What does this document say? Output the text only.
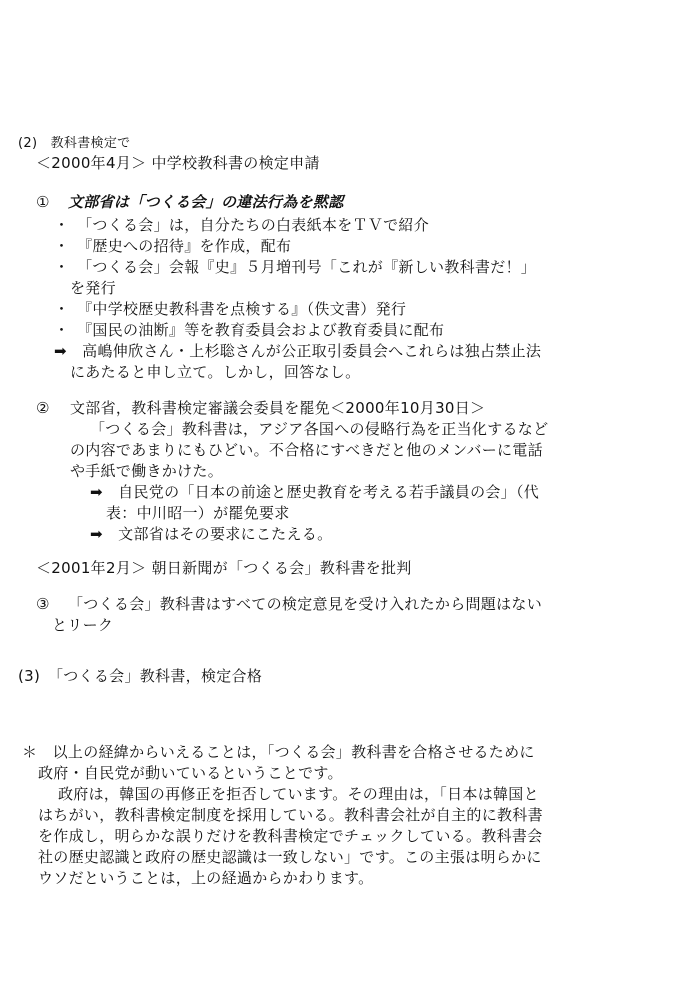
(2)　教科書検定で
＜2000年4月＞ 中学校教科書の検定申請
① 文部省は「つくる会」の違法行為を黙認
・　「つくる会」は，自分たちの白表紙本をＴＶで紹介
・　『歴史への招待』を作成，配布
・　「つくる会」会報『史』５月増刊号「これが『新しい教科書だ！」
を発行
・　『中学校歴史教科書を点検する』（佚文書）発行
・　『国民の油断』等を教育委員会および教育委員に配布
➡　高嶋伸欣さん・上杉聡さんが公正取引委員会へこれらは独占禁止法
にあたると申し立て。しかし，回答なし。
② 文部省，教科書検定審議会委員を罷免＜2000年10月30日＞
「つくる会」教科書は，アジア各国への侵略行為を正当化するなど
の内容であまりにもひどい。不合格にすべきだと他のメンバーに電話
や手紙で働きかけた。
➡　自民党の「日本の前途と歴史教育を考える若手議員の会」（代
表：中川昭一）が罷免要求
➡　文部省はその要求にこたえる。
＜2001年2月＞ 朝日新聞が「つくる会」教科書を批判
③ 「つくる会」教科書はすべての検定意見を受け入れたから問題はない
とリーク
(3)　「つくる会」教科書，検定合格
＊　以上の経緯からいえることは，「つくる会」教科書を合格させるために
政府・自民党が動いているということです。
政府は，韓国の再修正を拒否しています。その理由は，「日本は韓国と
はちがい，教科書検定制度を採用している。教科書会社が自主的に教科書
を作成し，明らかな誤りだけを教科書検定でチェックしている。教科書会
社の歴史認識と政府の歴史認識は一致しない」です。この主張は明らかに
ウソだということは，上の経過からかわります。
